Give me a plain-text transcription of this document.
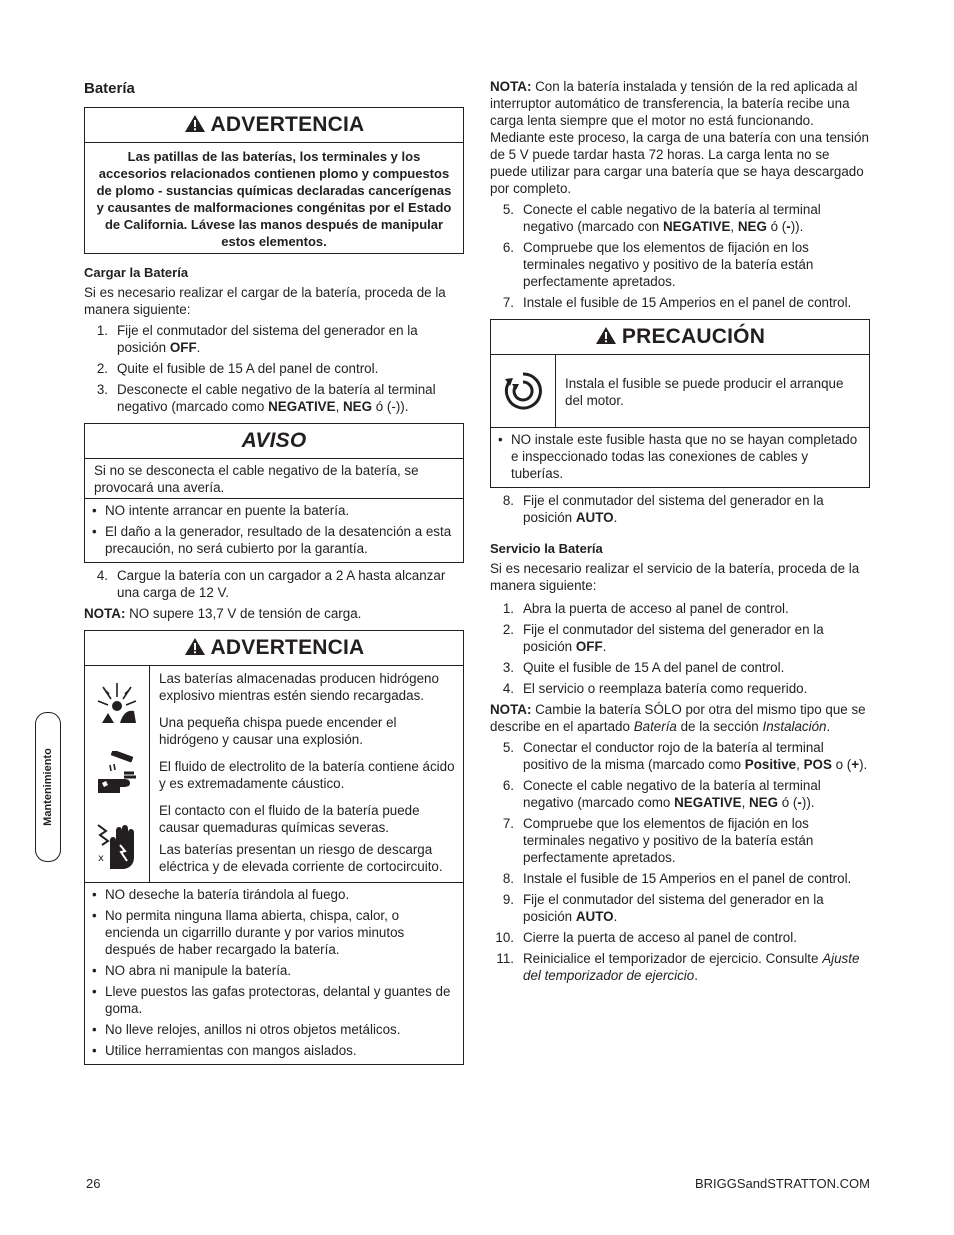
Batería
ADVERTENCIA
Las patillas de las baterías, los terminales y los accesorios relacionados contienen plomo y compuestos de plomo - sustancias químicas declaradas cancerígenas y causantes de malformaciones congénitas por el Estado de California. Lávese las manos después de manipular estos elementos.
Cargar la Batería

Si es necesario realizar el cargar de la batería, proceda de la manera siguiente:

1. Fije el conmutador del sistema del generador en la posición OFF.
2. Quite el fusible de 15 A del panel de control.
3. Desconecte el cable negativo de la batería al terminal negativo (marcado como NEGATIVE, NEG ó (-)).
AVISO
Si no se desconecta el cable negativo de la batería, se provocará una avería.
• NO intente arrancar en puente la batería.
• El daño a la generador, resultado de la desatención a esta precaución, no será cubierto por la garantía.
4. Cargue la batería con un cargador a 2 A hasta alcanzar una carga de 12 V.

NOTA: NO supere 13,7 V de tensión de carga.

ADVERTENCIA
x

Las baterías almacenadas producen hidrógeno explosivo mientras estén siendo recargadas.

Una pequeña chispa puede encender el hidrógeno y causar una explosión.

El fluido de electrolito de la batería contiene ácido y es extremadamente cáustico.

El contacto con el fluido de la batería puede causar quemaduras químicas severas.

Las baterías presentan un riesgo de descarga eléctrica y de elevada corriente de cortocircuito.

• NO deseche la batería tirándola al fuego.
• No permita ninguna llama abierta, chispa, calor, o encienda un cigarrillo durante y por varios minutos después de haber recargado la batería.
• NO abra ni manipule la batería.
• Lleve puestos las gafas protectoras, delantal y guantes de goma.
• No lleve relojes, anillos ni otros objetos metálicos.
• Utilice herramientas con mangos aislados.

NOTA: Con la batería instalada y tensión de la red aplicada al interruptor automático de transferencia, la batería recibe una carga lenta siempre que el motor no está funcionando. Mediante este proceso, la carga de una batería con una tensión de 5 V puede tardar hasta 72 horas. La carga lenta no se puede utilizar para cargar una batería que se haya descargado por completo.

5. Conecte el cable negativo de la batería al terminal negativo (marcado con NEGATIVE, NEG ó (-)).
6. Compruebe que los elementos de fijación en los terminales negativo y positivo de la batería están perfectamente apretados.
7. Instale el fusible de 15 Amperios en el panel de control.
PRECAUCIÓN
Instala el fusible se puede producir el arranque del motor.
• NO instale este fusible hasta que no se hayan completado e inspeccionado todas las conexiones de cables y tuberías.
8. Fije el conmutador del sistema del generador en la posición AUTO.
Servicio la Batería

Si es necesario realizar el servicio de la batería, proceda de la manera siguiente:

1. Abra la puerta de acceso al panel de control.
2. Fije el conmutador del sistema del generador en la posición OFF.
3. Quite el fusible de 15 A del panel de control.
4. El servicio o reemplaza batería como requerido.

NOTA: Cambie la batería SÓLO por otra del mismo tipo que se describe en el apartado Batería de la sección Instalación.

5. Conectar el conductor rojo de la batería al terminal positivo de la misma (marcado como Positive, POS o (+).
6. Conecte el cable negativo de la batería al terminal negativo (marcado como NEGATIVE, NEG ó (-)).
7. Compruebe que los elementos de fijación en los terminales negativo y positivo de la batería están perfectamente apretados.
8. Instale el fusible de 15 Amperios en el panel de control.
9. Fije el conmutador del sistema del generador en la posición AUTO.
10. Cierre la puerta de acceso al panel de control.
11. Reinicialice el temporizador de ejercicio. Consulte Ajuste del temporizador de ejercicio.
Mantenimiento
26	BRIGGSandSTRATTON.COM
